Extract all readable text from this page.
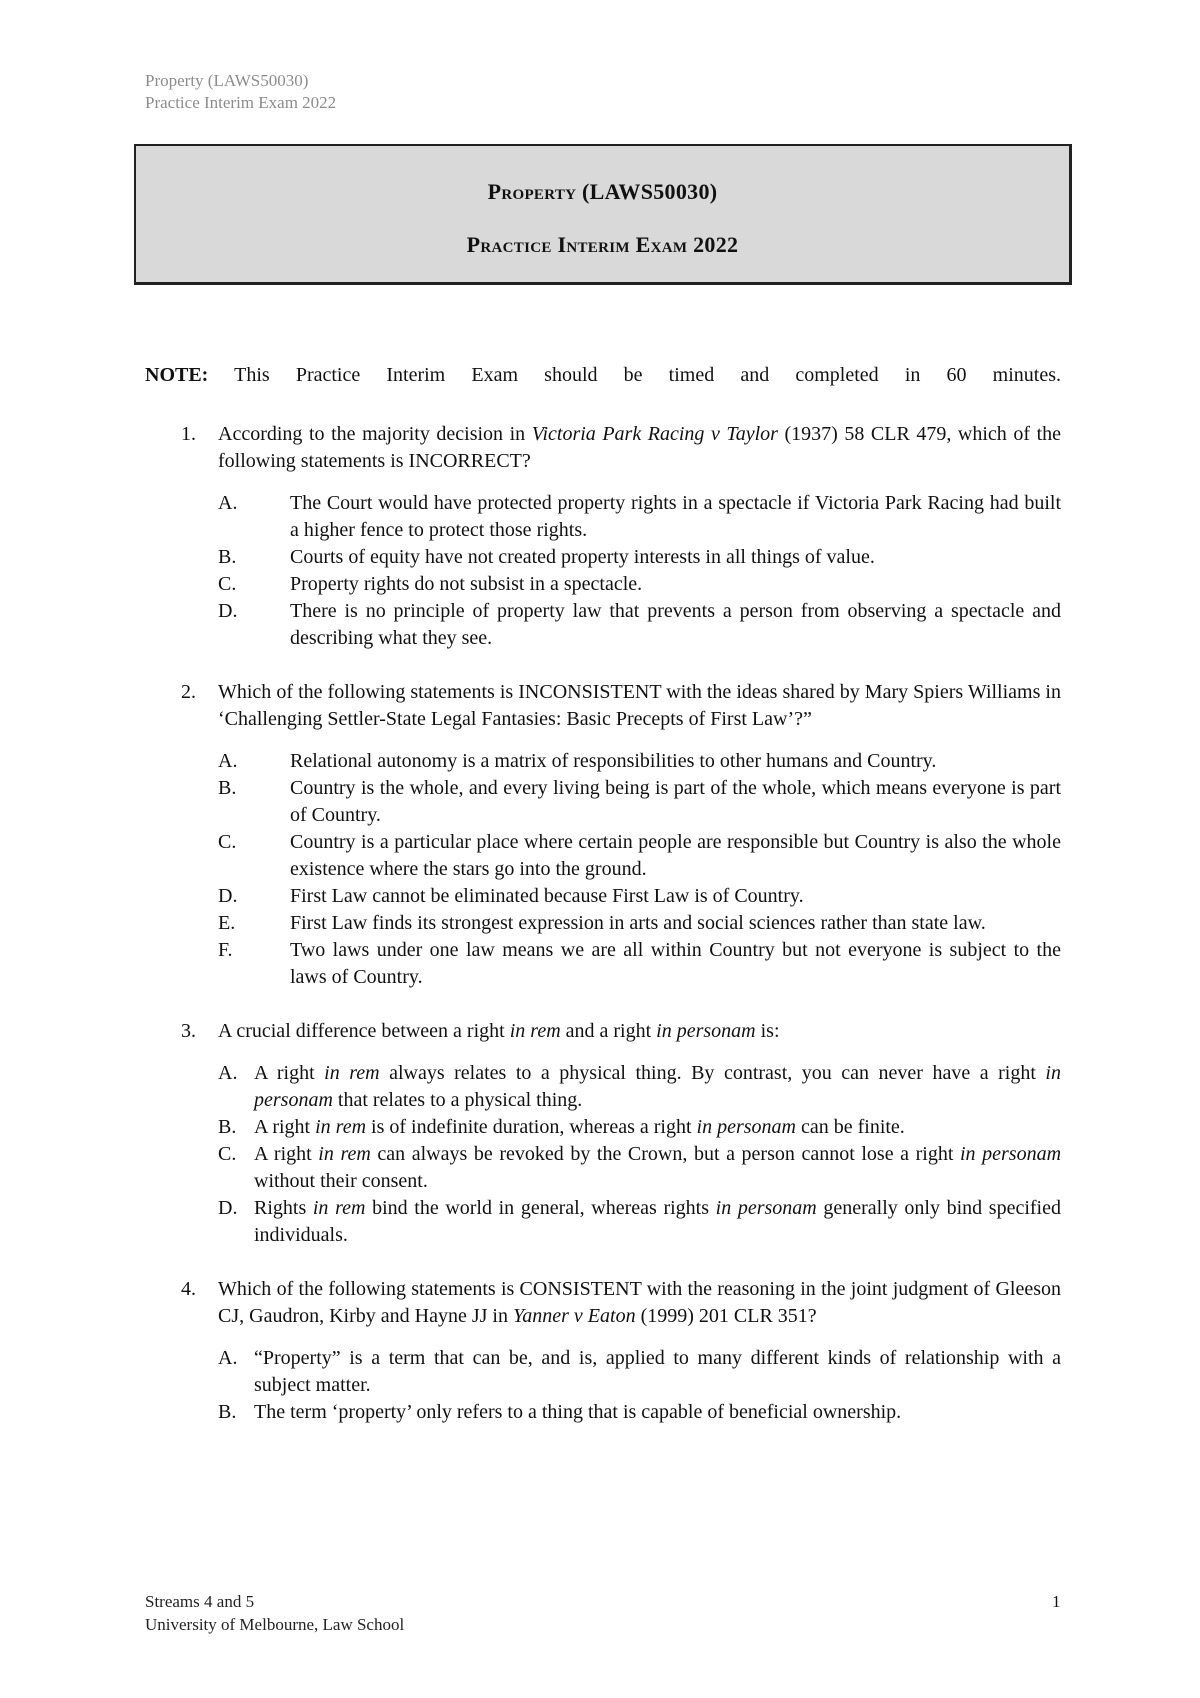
Property (LAWS50030)
Practice Interim Exam 2022
Property (LAWS50030)
Practice Interim Exam 2022

NOTE: This Practice Interim Exam should be timed and completed in 60 minutes.

1. According to the majority decision in Victoria Park Racing v Taylor (1937) 58 CLR 479, which of the following statements is INCORRECT?
A.	The Court would have protected property rights in a spectacle if Victoria Park Racing had built a higher fence to protect those rights.
B.	Courts of equity have not created property interests in all things of value.
C.	Property rights do not subsist in a spectacle.
D.	There is no principle of property law that prevents a person from observing a spectacle and describing what they see.
2. Which of the following statements is INCONSISTENT with the ideas shared by Mary Spiers Williams in ‘Challenging Settler-State Legal Fantasies: Basic Precepts of First Law’?”
A.	Relational autonomy is a matrix of responsibilities to other humans and Country.
B.	Country is the whole, and every living being is part of the whole, which means everyone is part of Country.
C.	Country is a particular place where certain people are responsible but Country is also the whole existence where the stars go into the ground.
D.	First Law cannot be eliminated because First Law is of Country.
E.	First Law finds its strongest expression in arts and social sciences rather than state law.
F.	Two laws under one law means we are all within Country but not everyone is subject to the laws of Country.
3. A crucial difference between a right in rem and a right in personam is:
A. A right in rem always relates to a physical thing. By contrast, you can never have a right in personam that relates to a physical thing.
B. A right in rem is of indefinite duration, whereas a right in personam can be finite.
C. A right in rem can always be revoked by the Crown, but a person cannot lose a right in personam without their consent.
D. Rights in rem bind the world in general, whereas rights in personam generally only bind specified individuals.
4. Which of the following statements is CONSISTENT with the reasoning in the joint judgment of Gleeson CJ, Gaudron, Kirby and Hayne JJ in Yanner v Eaton (1999) 201 CLR 351?
A. “Property” is a term that can be, and is, applied to many different kinds of relationship with a subject matter.
B. The term ‘property’ only refers to a thing that is capable of beneficial ownership.
Streams 4 and 5
University of Melbourne, Law School
1
